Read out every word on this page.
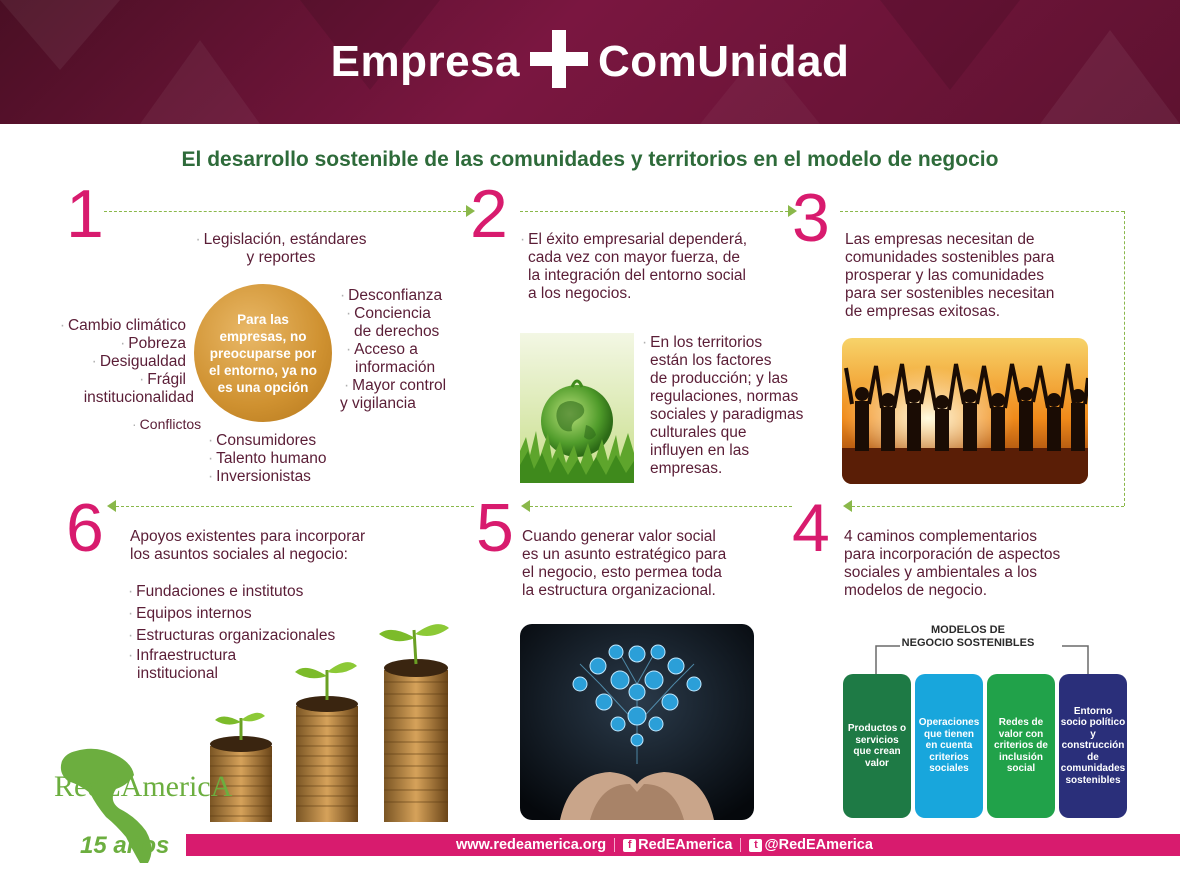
Empresa ComUnidad
El desarrollo sostenible de las comunidades y territorios en el modelo de negocio
1	2	3
4
5
6
· Legislación, estándares
y reportes
Para las empresas, no preocuparse por el entorno, ya no es una opción
· Cambio climático
· Pobreza
· Desigualdad
· Frágil
institucionalidad
· Conflictos
· Desconfianza
· Conciencia
de derechos
· Acceso a
información
· Mayor control
y vigilancia
· Consumidores
· Talento humano
· Inversionistas
· El éxito empresarial dependerá,
cada vez con mayor fuerza, de
la integración del entorno social
a los negocios.
· En los territorios
están los factores
de producción; y las
regulaciones, normas
sociales y paradigmas
culturales que
influyen en las
empresas.
Las empresas necesitan de
comunidades sostenibles para
prosperar y las comunidades
para ser sostenibles necesitan
de empresas exitosas.
Apoyos existentes para incorporar
los asuntos sociales al negocio:
· Fundaciones e institutos
· Equipos internos
· Estructuras organizacionales
· Infraestructura
institucional
Cuando generar valor social
es un asunto estratégico para
el negocio, esto permea toda
la estructura organizacional.
4 caminos complementarios
para incorporación de aspectos
sociales y ambientales a los
modelos de negocio.
MODELOS DE
NEGOCIO SOSTENIBLES
Productos o servicios que crean valor
Operaciones que tienen en cuenta criterios sociales
Redes de valor con criterios de inclusión social
Entorno socio político y construcción de comunidades sostenibles
RedEAmericA
15 años	www.redeamerica.org	f RedEAmerica	t @RedEAmerica
